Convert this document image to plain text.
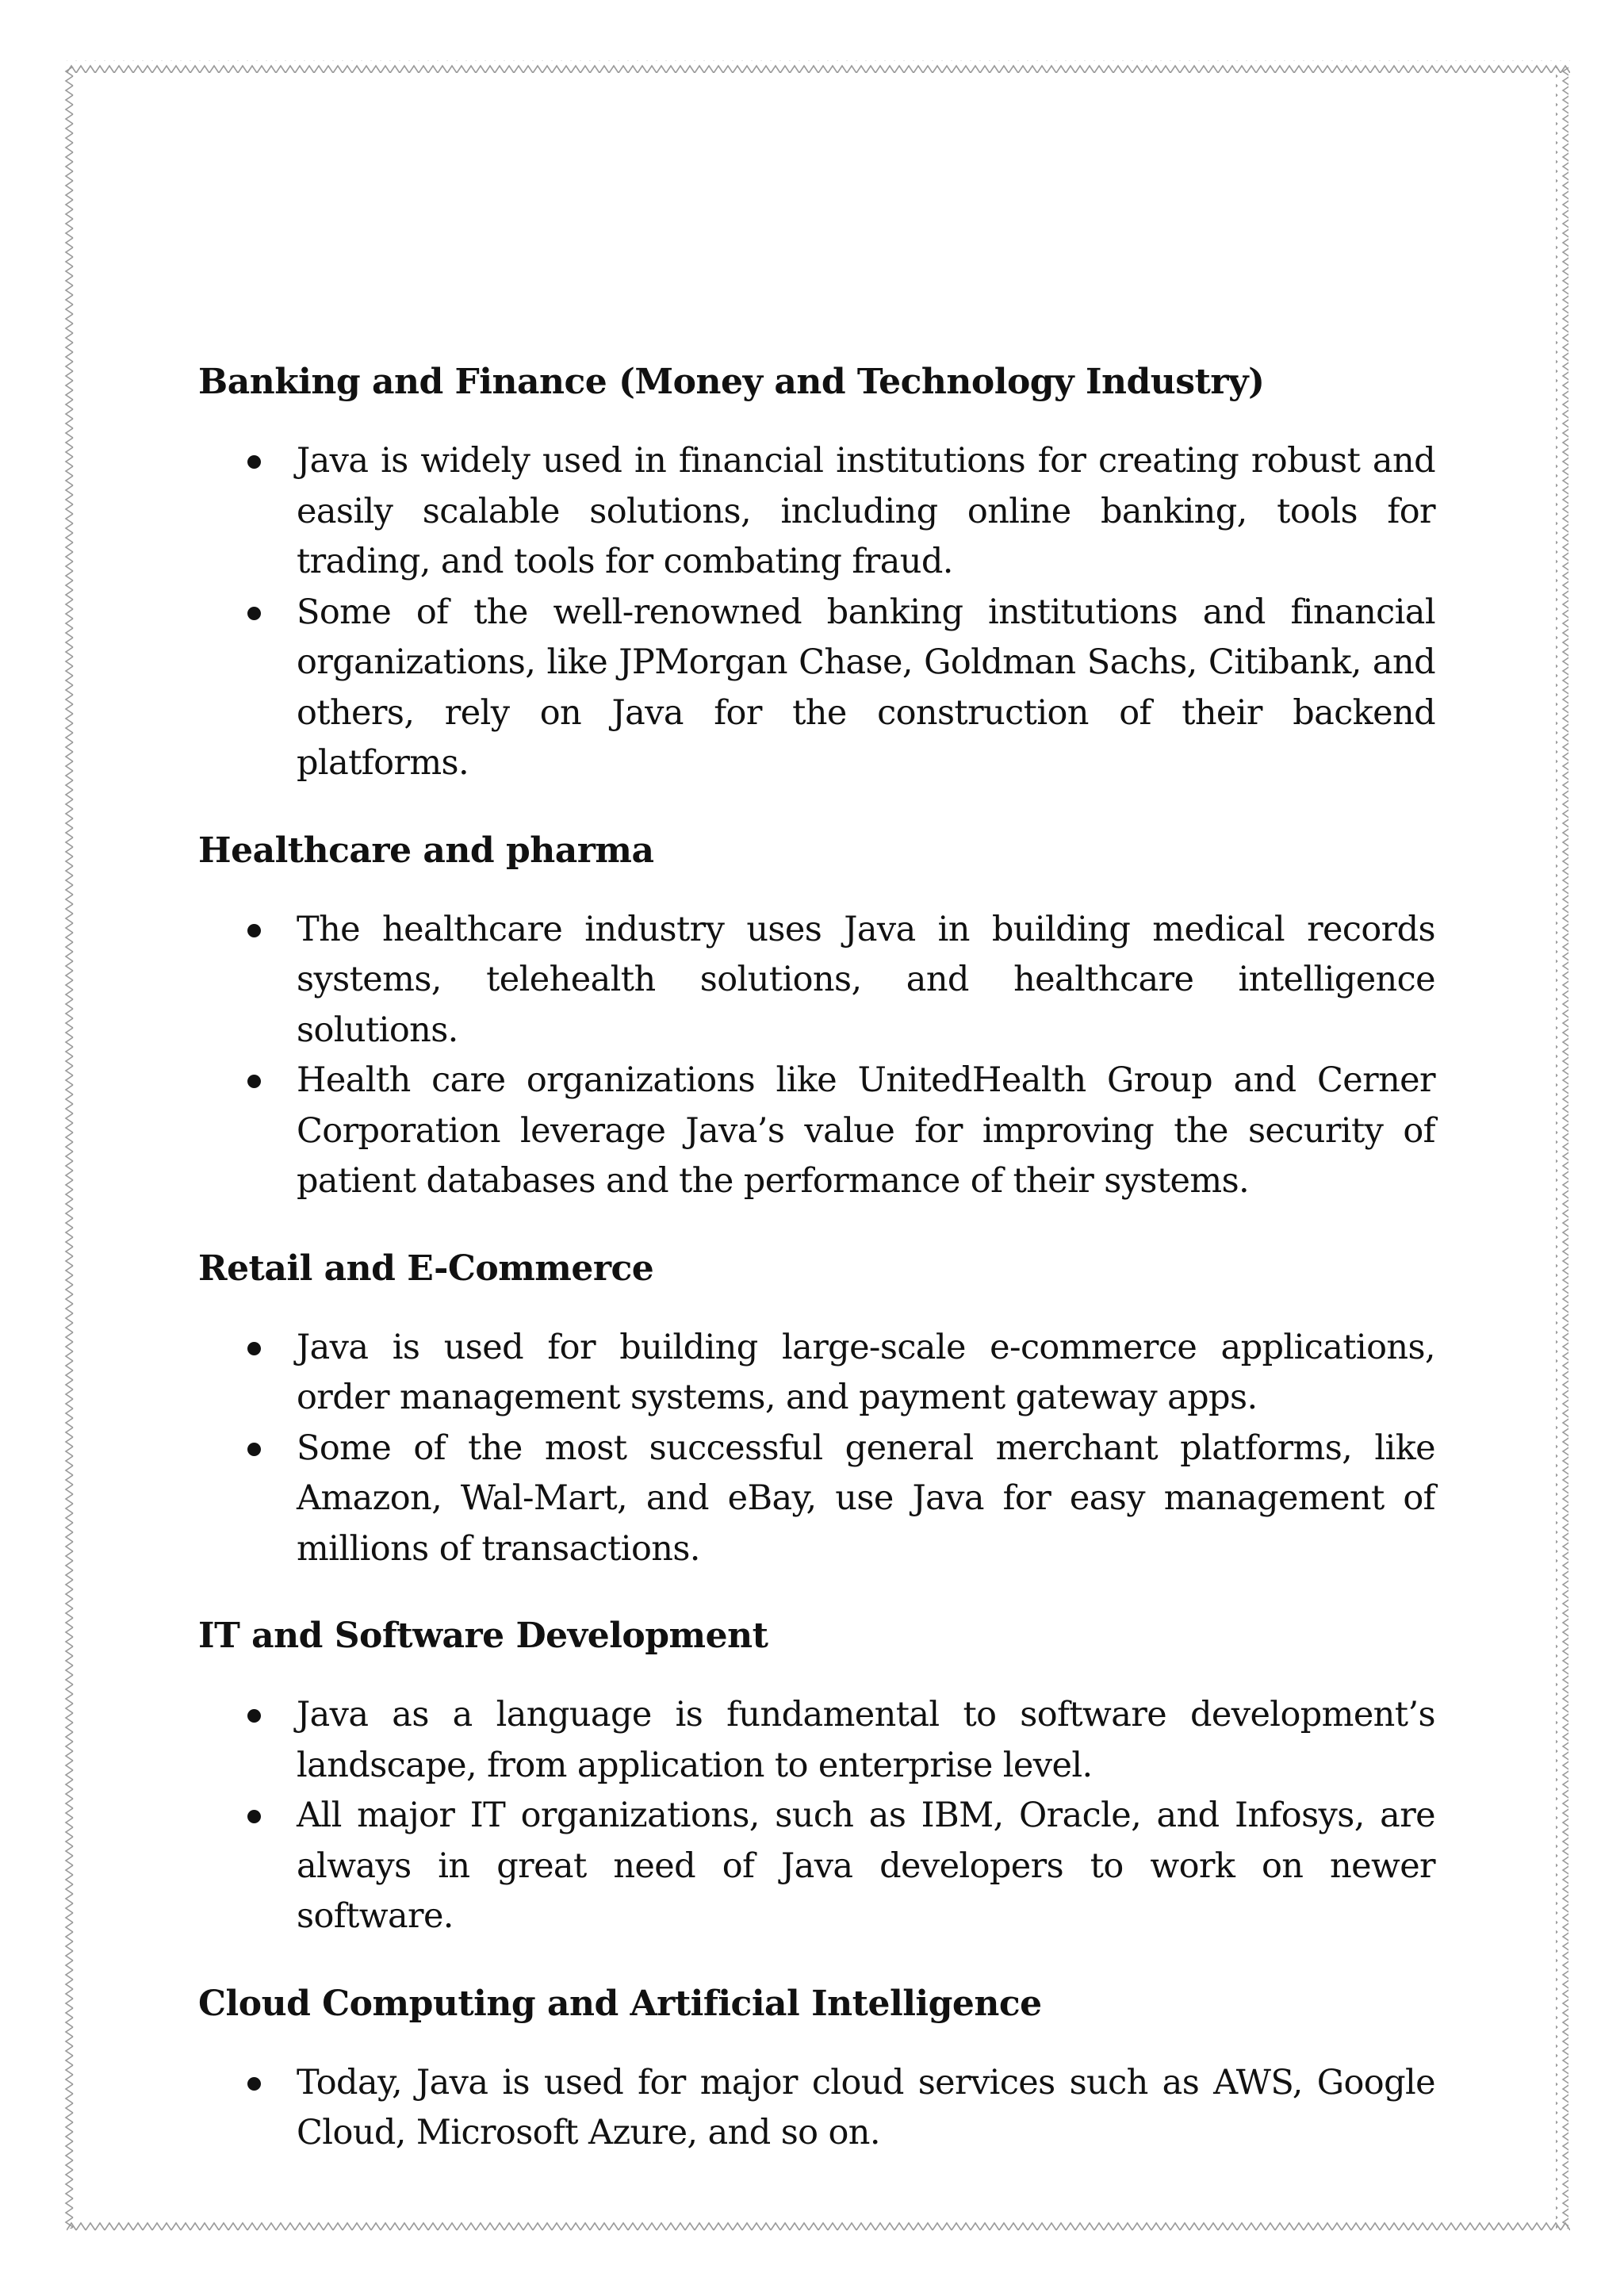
Banking and Finance (Money and Technology Industry)
Java is widely used in financial institutions for creating robust and easily scalable solutions, including online banking, tools for trading, and tools for combating fraud.
Some of the well-renowned banking institutions and financial organizations, like JPMorgan Chase, Goldman Sachs, Citibank, and others, rely on Java for the construction of their backend platforms.
Healthcare and pharma
The healthcare industry uses Java in building medical records systems, telehealth solutions, and healthcare intelligence solutions.
Health care organizations like UnitedHealth Group and Cerner Corporation leverage Java’s value for improving the security of patient databases and the performance of their systems.
Retail and E-Commerce
Java is used for building large-scale e-commerce applications, order management systems, and payment gateway apps.
Some of the most successful general merchant platforms, like Amazon, Wal-Mart, and eBay, use Java for easy management of millions of transactions.
IT and Software Development
Java as a language is fundamental to software development’s landscape, from application to enterprise level.
All major IT organizations, such as IBM, Oracle, and Infosys, are always in great need of Java developers to work on newer software.
Cloud Computing and Artificial Intelligence
Today, Java is used for major cloud services such as AWS, Google Cloud, Microsoft Azure, and so on.
